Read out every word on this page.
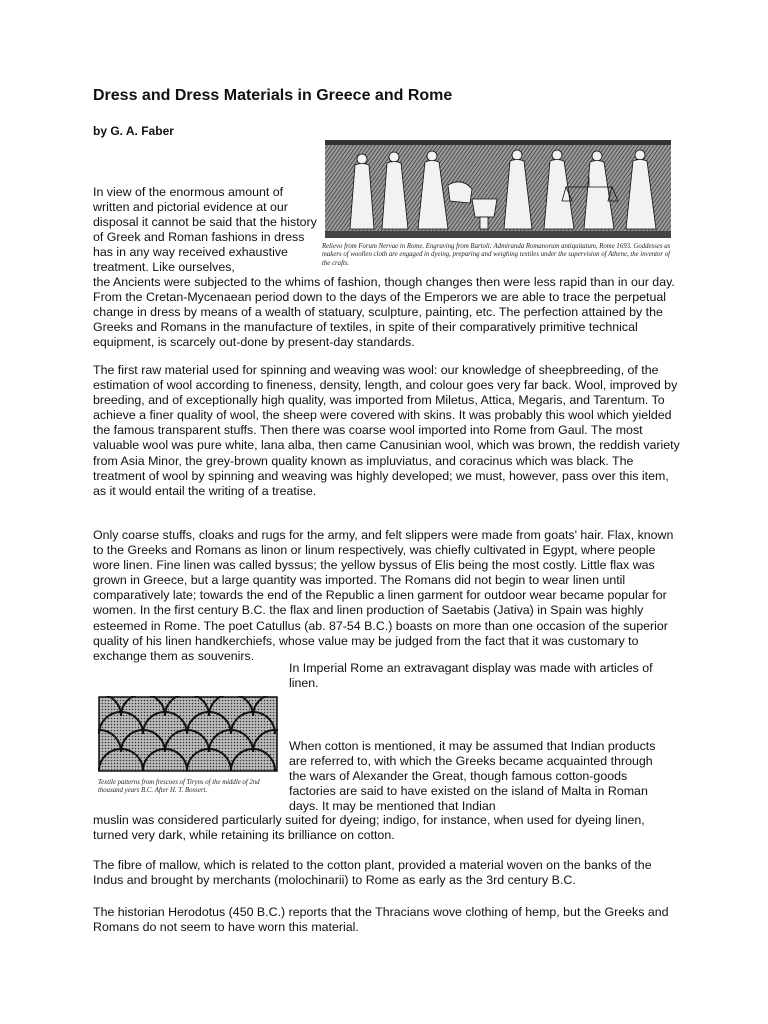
Dress and Dress Materials in Greece and Rome

by G. A. Faber

Relievo from Forum Nervae in Rome. Engraving from Bartoli: Admiranda Romanorum antiquitatum, Rome 1693. Goddesses as makers of woollen cloth are engaged in dyeing, preparing and weighing textiles under the supervision of Athene, the inventor of the crafts.

In view of the enormous amount of written and pictorial evidence at our disposal it cannot be said that the history of Greek and Roman fashions in dress has in any way received exhaustive treatment. Like ourselves,

the Ancients were subjected to the whims of fashion, though changes then were less rapid than in our day. From the Cretan-Mycenaean period down to the days of the Emperors we are able to trace the perpetual change in dress by means of a wealth of statuary, sculpture, painting, etc. The perfection attained by the Greeks and Romans in the manufacture of textiles, in spite of their comparatively primitive technical equipment, is scarcely out-done by present-day standards.

The first raw material used for spinning and weaving was wool: our knowledge of sheepbreeding, of the estimation of wool according to fineness, density, length, and colour goes very far back. Wool, improved by breeding, and of exceptionally high quality, was imported from Miletus, Attica, Megaris, and Tarentum. To achieve a finer quality of wool, the sheep were covered with skins. It was probably this wool which yielded the famous transparent stuffs. Then there was coarse wool imported into Rome from Gaul. The most valuable wool was pure white, lana alba, then came Canusinian wool, which was brown, the reddish variety from Asia Minor, the grey-brown quality known as impluviatus, and coracinus which was black. The treatment of wool by spinning and weaving was highly developed; we must, however, pass over this item, as it would entail the writing of a treatise.

Only coarse stuffs, cloaks and rugs for the army, and felt slippers were made from goats' hair. Flax, known to the Greeks and Romans as linon or linum respectively, was chiefly cultivated in Egypt, where people wore linen. Fine linen was called byssus; the yellow byssus of Elis being the most costly. Little flax was grown in Greece, but a large quantity was imported. The Romans did not begin to wear linen until comparatively late; towards the end of the Republic a linen garment for outdoor wear became popular for women. In the first century B.C. the flax and linen production of Saetabis (Jativa) in Spain was highly esteemed in Rome. The poet Catullus (ab. 87-54 B.C.) boasts on more than one occasion of the superior quality of his linen handkerchiefs, whose value may be judged from the fact that it was customary to exchange them as souvenirs.

In Imperial Rome an extravagant display was made with articles of linen.

Textile patterns from frescoes of Tiryns of the middle of 2nd thousand years B.C. After H. T. Bossert.

When cotton is mentioned, it may be assumed that Indian products are referred to, with which the Greeks became acquainted through the wars of Alexander the Great, though famous cotton-goods factories are said to have existed on the island of Malta in Roman days. It may be mentioned that Indian

muslin was considered particularly suited for dyeing; indigo, for instance, when used for dyeing linen, turned very dark, while retaining its brilliance on cotton.

The fibre of mallow, which is related to the cotton plant, provided a material woven on the banks of the Indus and brought by merchants (molochinarii) to Rome as early as the 3rd century B.C.

The historian Herodotus (450 B.C.) reports that the Thracians wove clothing of hemp, but the Greeks and Romans do not seem to have worn this material.
